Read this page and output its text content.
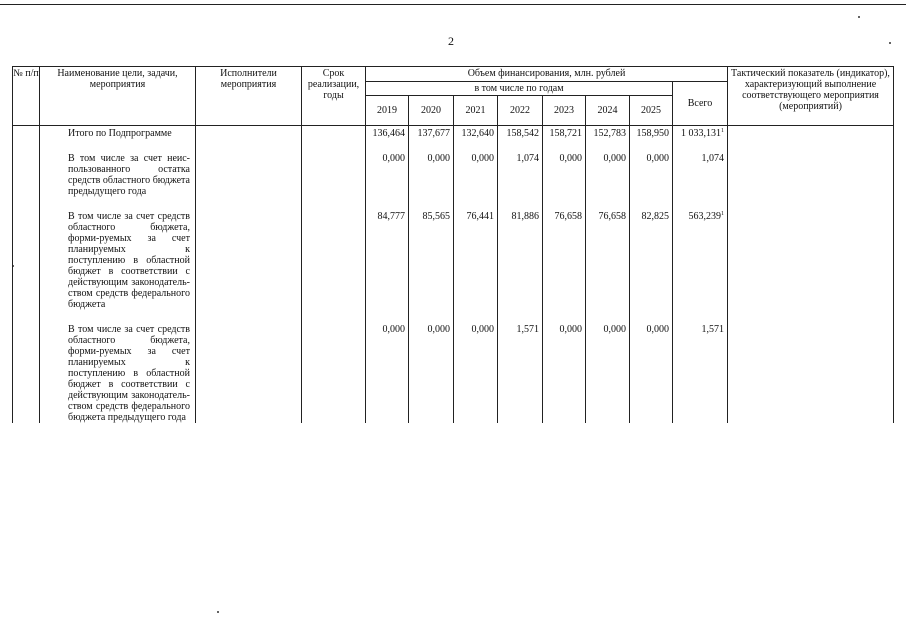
2
№ п/п	Наименование цели, задачи, мероприятия	Исполнители мероприятия	Срок реализации, годы	Объем финансирования, млн. рублей								Тактический показатель (индикатор), характеризующий выполнение соответствующего мероприятия (мероприятий)
				в том числе по годам							Всего	
				2019	2020	2021	2022	2023	2024	2025		
	Итого по Подпрограмме			136,464	137,677	132,640	158,542	158,721	152,783	158,950	1 033,131$^1$	

	В том числе за счет неис-пользованного остатка средств областного бюджета предыдущего года			0,000	0,000	0,000	1,074	0,000	0,000	0,000	1,074	

	В том числе за счет средств областного бюджета, форми-руемых за счет планируемых к поступлению в областной бюджет в соответствии с действующим законодатель-ством средств федерального бюджета			84,777	85,565	76,441	81,886	76,658	76,658	82,825	563,239$^1$	

	В том числе за счет средств областного бюджета, форми-руемых за счет планируемых к поступлению в областной бюджет в соответствии с действующим законодатель-ством средств федерального бюджета предыдущего года			0,000	0,000	0,000	1,571	0,000	0,000	0,000	1,571	
